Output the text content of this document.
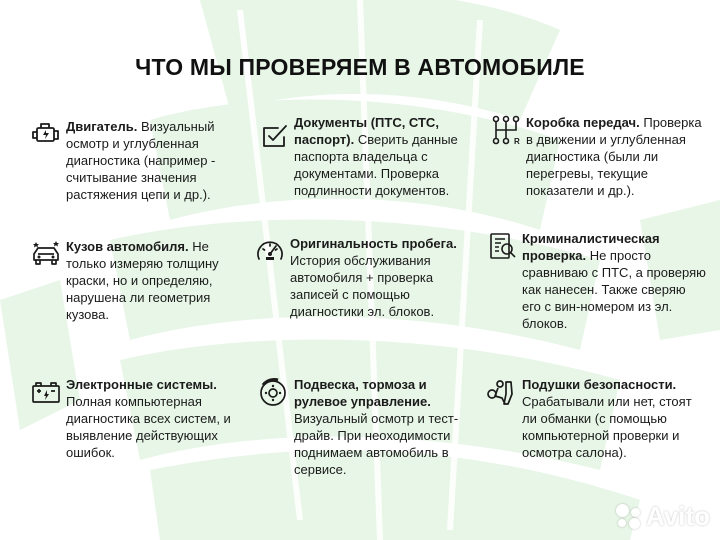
ЧТО МЫ ПРОВЕРЯЕМ В АВТОМОБИЛЕ
Двигатель. Визуальный осмотр и углубленная диагностика (например - считывание значения растяжения цепи и др.).
Документы (ПТС, СТС, паспорт). Сверить данные паспорта владельца с документами. Проверка подлинности документов.
R
Коробка передач. Проверка в движении и углубленная диагностика (были ли перегревы, текущие показатели и др.).
Кузов автомобиля. Не только измеряю толщину краски, но и определяю, нарушена ли геометрия кузова.
Оригинальность пробега. История обслуживания автомобиля + проверка записей с помощью диагностики эл. блоков.
Криминалистическая проверка. Не просто сравниваю с ПТС, а проверяю как нанесен. Также сверяю его с вин-номером из эл. блоков.
Электронные системы. Полная компьютерная диагностика всех систем, и выявление действующих ошибок.
Подвеска, тормоза и рулевое управление. Визуальный осмотр и тест-драйв. При неоходимости поднимаем автомобиль в сервисе.
Подушки безопасности. Срабатывали или нет, стоят ли обманки (с помощью компьютерной проверки и осмотра салона).
Avito
